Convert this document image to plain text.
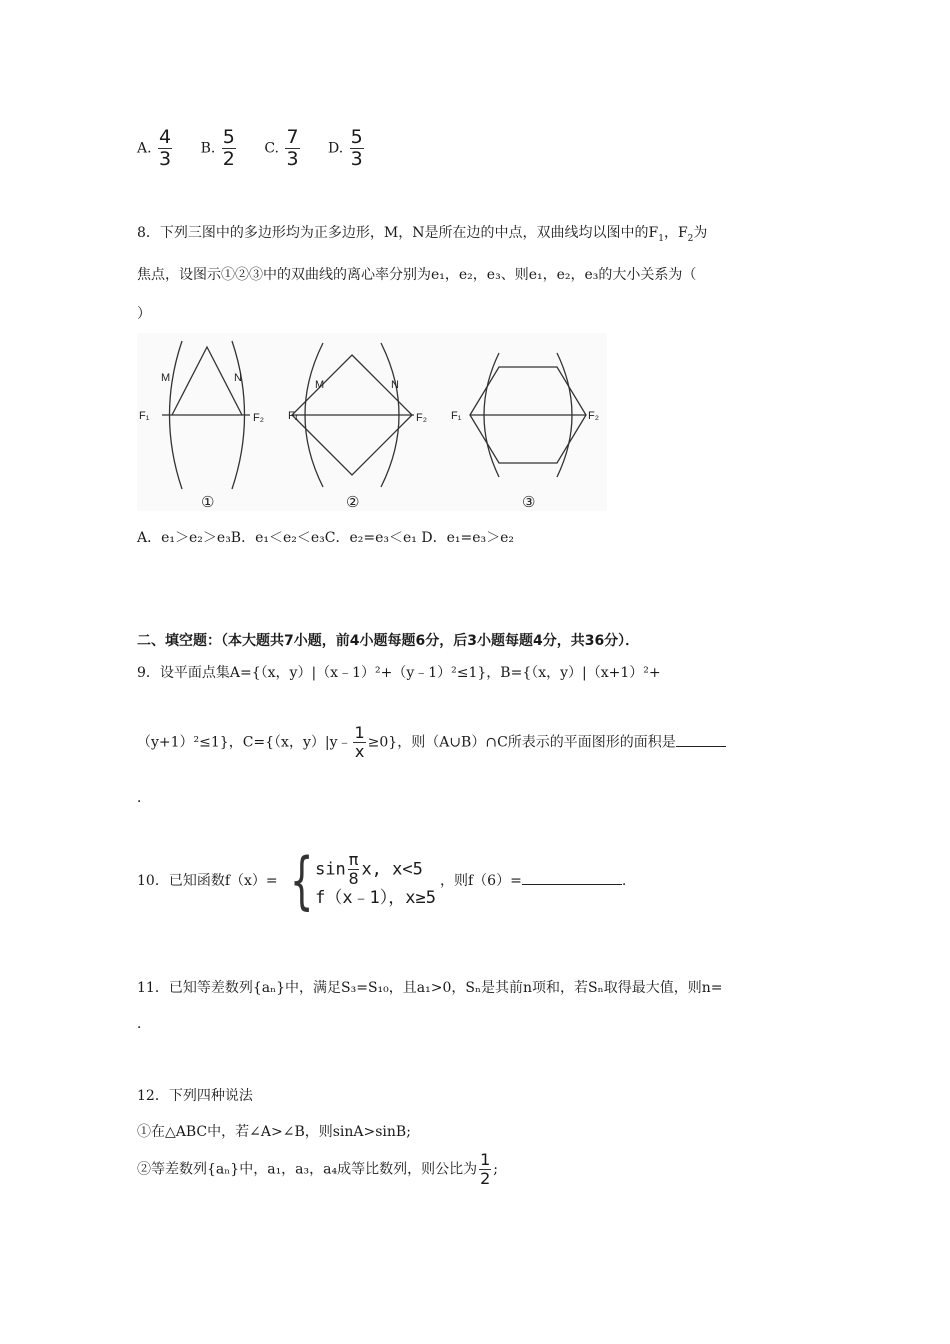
A. $\frac{4}{3} B$. $\frac{5}{2} C$. $\frac{7}{3} D$. $\frac{5}{3}$
8．下列三图中的多边形均为正多边形，M，N是所在边的中点，双曲线均以图中的$F_1$，$F_2$为
焦点，设图示①②③中的双曲线的离心率分别为e₁，e₂，e₃、则e₁，e₂，e₃的大小关系为（
）
M	N
F₁	F₂
M	N
F₁	F₂ F₁	F₂
①	②	③
A．e₁＞e₂＞e₃B．e₁＜e₂＜e₃C．e₂=e₃＜e₁ D．e₁=e₃＞e₂
二、填空题：（本大题共7小题，前4小题每题6分，后3小题每题4分，共36分）．
9．设平面点集A={（x，y）|（x﹣1）²+（y﹣1）²≤1}，B={（x，y）|（x+1）²+
（y+1）²≤1}，C={（x，y）|y﹣ $\frac{1}{x} \ge 0$}，则（A∪B）∩C所表示的平面图形的面积是
．
10．已知函数f（x）= { $\sin \frac{\pi}{8} x$, x<5
f（x﹣1），x≥5
，则f（6）=	.
11．已知等差数列{aₙ}中，满足S₃=S₁₀，且a₁>0，Sₙ是其前n项和，若Sₙ取得最大值，则n=
．
12．下列四种说法
①在△ABC中，若∠A>∠B，则sinA>sinB;
②等差数列{aₙ}中，a₁，a₃，a₄成等比数列，则公比为 $\frac{1}{2}$ ;
